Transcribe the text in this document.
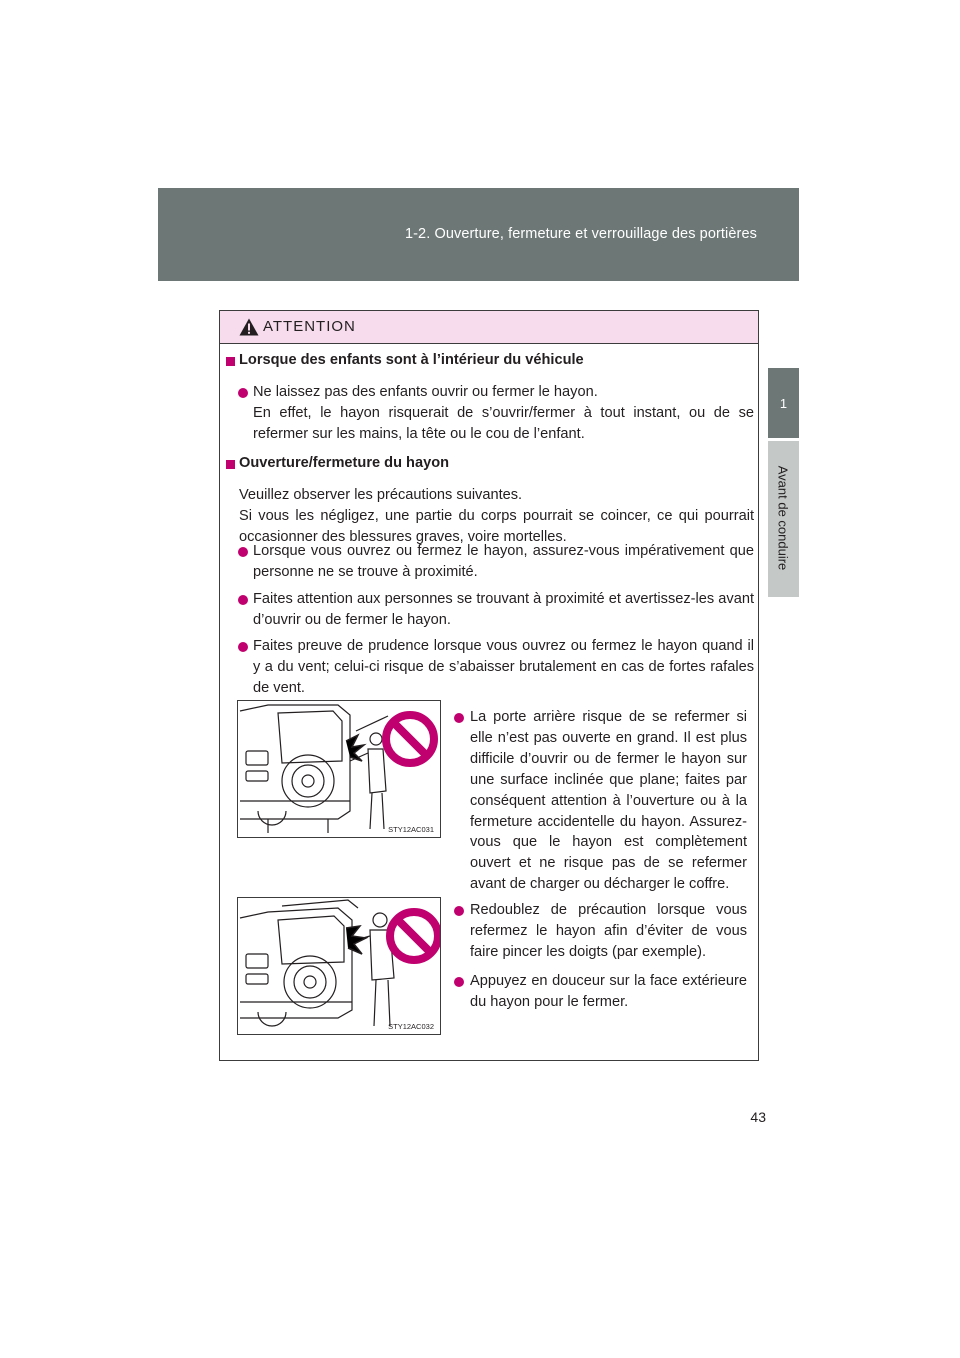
1-2. Ouverture, fermeture et verrouillage des portières
1
Avant de conduire
ATTENTION
Lorsque des enfants sont à l’intérieur du véhicule
Ne laissez pas des enfants ouvrir ou fermer le hayon.
En effet, le hayon risquerait de s’ouvrir/fermer à tout instant, ou de se refermer sur les mains, la tête ou le cou de l’enfant.
Ouverture/fermeture du hayon
Veuillez observer les précautions suivantes.
Si vous les négligez, une partie du corps pourrait se coincer, ce qui pourrait occasionner des blessures graves, voire mortelles.
Lorsque vous ouvrez ou fermez le hayon, assurez-vous impérativement que personne ne se trouve à proximité.
Faites attention aux personnes se trouvant à proximité et avertissez-les avant d’ouvrir ou de fermer le hayon.
Faites preuve de prudence lorsque vous ouvrez ou fermez le hayon quand il y a du vent; celui-ci risque de s’abaisser brutalement en cas de fortes rafales de vent.
La porte arrière risque de se refermer si elle n’est pas ouverte en grand. Il est plus difficile d’ouvrir ou de fermer le hayon sur une surface inclinée que plane; faites par conséquent attention à l’ouverture ou à la fermeture accidentelle du hayon. Assurez-vous que le hayon est complètement ouvert et ne risque pas de se refermer avant de charger ou décharger le coffre.
Redoublez de précaution lorsque vous refermez le hayon afin d’éviter de vous faire pincer les doigts (par exemple).
Appuyez en douceur sur la face extérieure du hayon pour le fermer.
STY12AC031
STY12AC032
43
